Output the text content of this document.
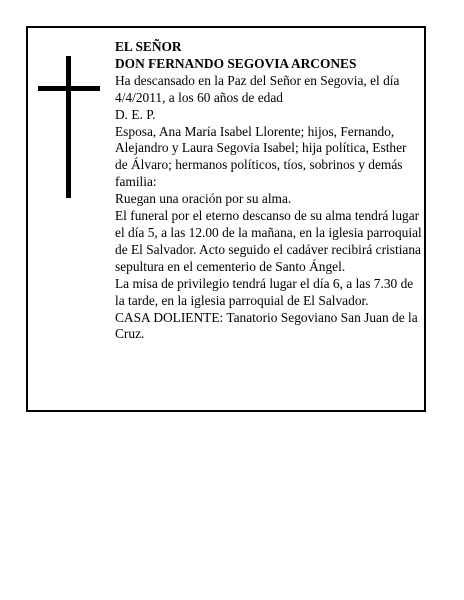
EL SEÑOR

DON FERNANDO SEGOVIA ARCONES

Ha descansado en la Paz del Señor en Segovia, el día 4/4/2011, a los 60 años de edad

D. E. P.

Esposa, Ana María Isabel Llorente; hijos, Fernando, Alejandro y Laura Segovia Isabel; hija política, Esther de Álvaro; hermanos políticos, tíos, sobrinos y demás familia:

Ruegan una oración por su alma.

El funeral por el eterno descanso de su alma tendrá lugar el día 5, a las 12.00 de la mañana, en la iglesia parroquial de El Salvador. Acto seguido el cadáver recibirá cristiana sepultura en el cementerio de Santo Ángel.

La misa de privilegio tendrá lugar el día 6, a las 7.30 de la tarde, en la iglesia parroquial de El Salvador.

CASA DOLIENTE: Tanatorio Segoviano San Juan de la Cruz.
